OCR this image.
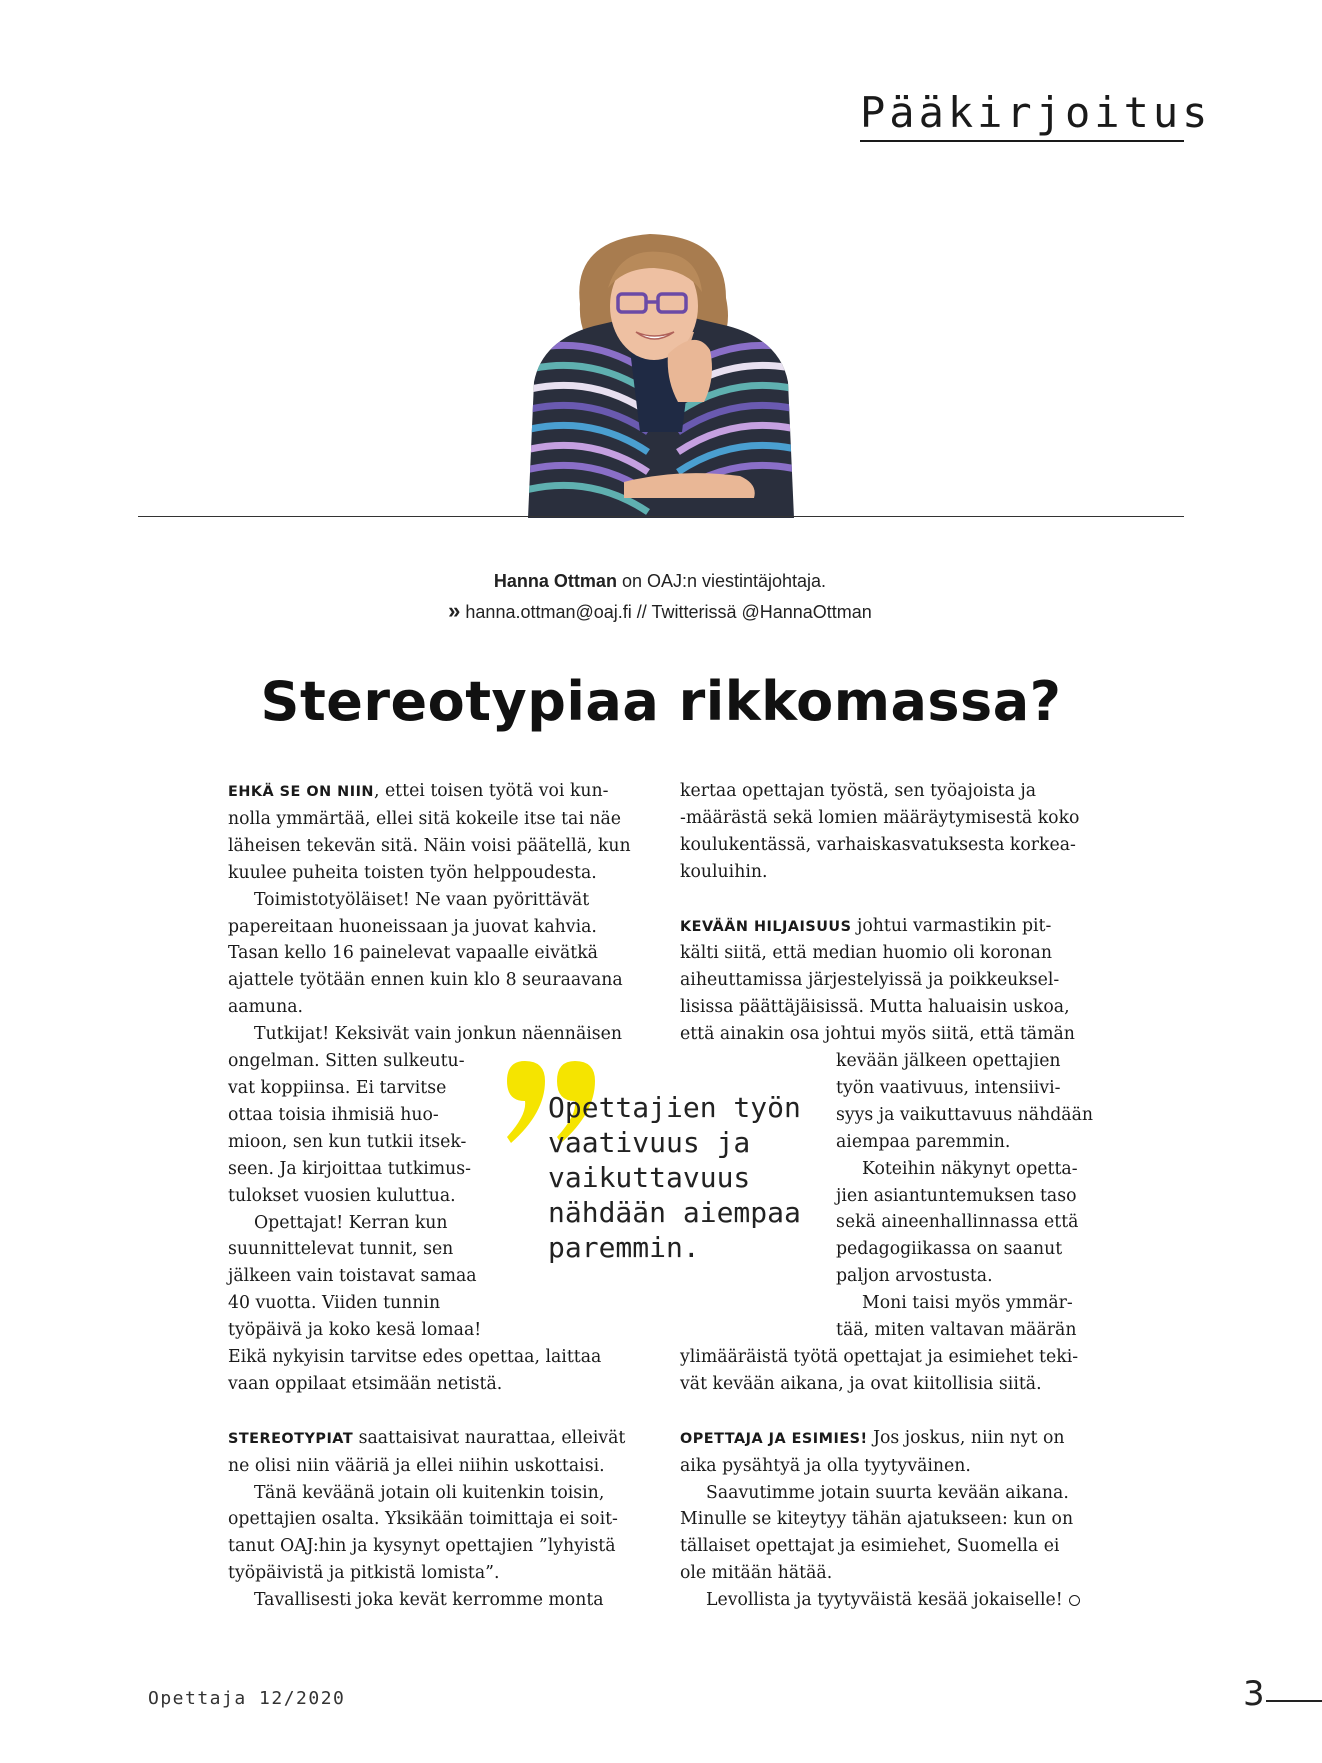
Pääkirjoitus
Hanna Ottman on OAJ:n viestintäjohtaja.
» hanna.ottman@oaj.fi // Twitterissä @HannaOttman
Stereotypiaa rikkomassa?

EHKÄ SE ON NIIN, ettei toisen työtä voi kun-
nolla ymmärtää, ellei sitä kokeile itse tai näe
läheisen tekevän sitä. Näin voisi päätellä, kun
kuulee puheita toisten työn helppoudesta.

Toimistotyöläiset! Ne vaan pyörittävät
papereitaan huoneissaan ja juovat kahvia.
Tasan kello 16 painelevat vapaalle eivätkä
ajattele työtään ennen kuin klo 8 seuraavana
aamuna.

Tutkijat! Keksivät vain jonkun näennäisen
ongelman. Sitten sulkeutu-
vat koppiinsa. Ei tarvitse
ottaa toisia ihmisiä huo-
mioon, sen kun tutkii itsek-
seen. Ja kirjoittaa tutkimus-
tulokset vuosien kuluttua.

Opettajat! Kerran kun
suunnittelevat tunnit, sen
jälkeen vain toistavat samaa
40 vuotta. Viiden tunnin
työpäivä ja koko kesä lomaa!

Eikä nykyisin tarvitse edes opettaa, laittaa
vaan oppilaat etsimään netistä.

STEREOTYPIAT saattaisivat naurattaa, elleivät
ne olisi niin vääriä ja ellei niihin uskottaisi.

Tänä keväänä jotain oli kuitenkin toisin,
opettajien osalta. Yksikään toimittaja ei soit-
tanut OAJ:hin ja kysynyt opettajien ”lyhyistä
työpäivistä ja pitkistä lomista”.

Tavallisesti joka kevät kerromme monta

kertaa opettajan työstä, sen työajoista ja
-määrästä sekä lomien määräytymisestä koko
koulukentässä, varhaiskasvatuksesta korkea-
kouluihin.

KEVÄÄN HILJAISUUS johtui varmastikin pit-
kälti siitä, että median huomio oli koronan
aiheuttamissa järjestelyissä ja poikkeuksel-
lisissa päättäjäisissä. Mutta haluaisin uskoa,
että ainakin osa johtui myös siitä, että tämän
kevään jälkeen opettajien
työn vaativuus, intensiivi-
syys ja vaikuttavuus nähdään
aiempaa paremmin.

Koteihin näkynyt opetta-
jien asiantuntemuksen taso
sekä aineenhallinnassa että
pedagogiikassa on saanut
paljon arvostusta.
Moni taisi myös ymmär-
tää, miten valtavan määrän

ylimääräistä työtä opettajat ja esimiehet teki-
vät kevään aikana, ja ovat kiitollisia siitä.

OPETTAJA JA ESIMIES! Jos joskus, niin nyt on
aika pysähtyä ja olla tyytyväinen.

Saavutimme jotain suurta kevään aikana.
Minulle se kiteytyy tähän ajatukseen: kun on
tällaiset opettajat ja esimiehet, Suomella ei
ole mitään hätää.

Levollista ja tyytyväistä kesää jokaiselle!

Opettajien työn
vaativuus ja
vaikuttavuus
nähdään aiempaa
paremmin.

Opettaja 12/2020	3
